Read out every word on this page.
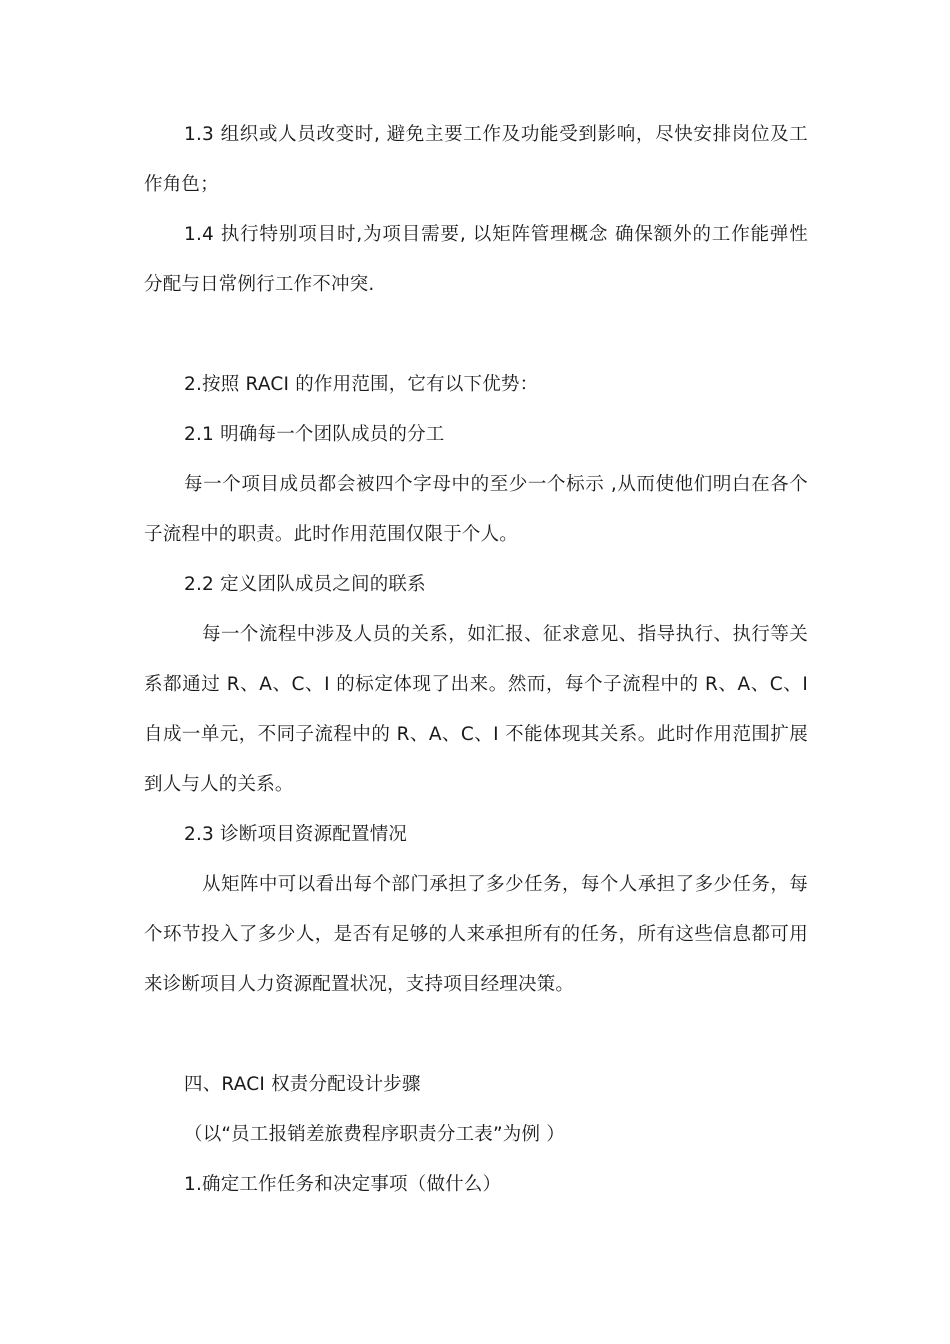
1.3 组织或人员改变时, 避免主要工作及功能受到影响，尽快安排岗位及工
作角色；
1.4 执行特别项目时,为项目需要, 以矩阵管理概念 确保额外的工作能弹性
分配与日常例行工作不冲突.
2.按照 RACI 的作用范围，它有以下优势：
2.1 明确每一个团队成员的分工
每一个项目成员都会被四个字母中的至少一个标示 ,从而使他们明白在各个
子流程中的职责。此时作用范围仅限于个人。
2.2 定义团队成员之间的联系
每一个流程中涉及人员的关系，如汇报、征求意见、指导执行、执行等关
系都通过 R、A、C、I 的标定体现了出来。然而，每个子流程中的 R、A、C、I
自成一单元，不同子流程中的 R、A、C、I 不能体现其关系。此时作用范围扩展
到人与人的关系。
2.3 诊断项目资源配置情况
从矩阵中可以看出每个部门承担了多少任务，每个人承担了多少任务，每
个环节投入了多少人，是否有足够的人来承担所有的任务，所有这些信息都可用
来诊断项目人力资源配置状况，支持项目经理决策。
四、RACI 权责分配设计步骤
（以“员工报销差旅费程序职责分工表”为例 ）
1.确定工作任务和决定事项（做什么）
